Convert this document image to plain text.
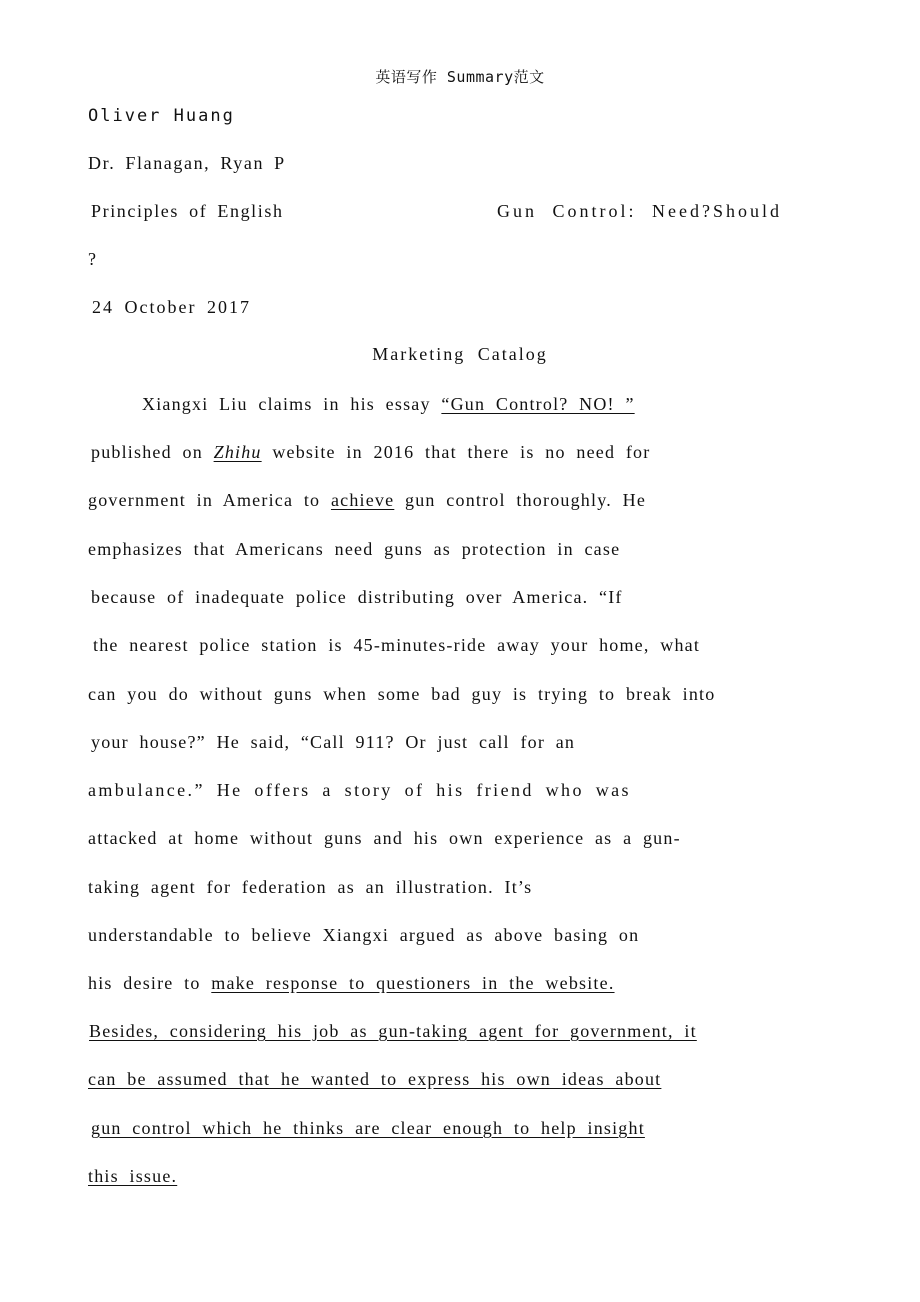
英语写作 Summary范文
Oliver Huang
Dr. Flanagan, Ryan P
Principles of English	Gun Control: Need?Should
?
24 October 2017
Marketing Catalog
Xiangxi Liu claims in his essay “Gun Control? NO! ”
published on Zhihu website in 2016 that there is no need for
government in America to achieve gun control thoroughly. He
emphasizes that Americans need guns as protection in case
because of inadequate police distributing over America. “If
the nearest police station is 45-minutes-ride away your home, what
can you do without guns when some bad guy is trying to break into
your house?” He said, “Call 911? Or just call for an
ambulance.” He offers a story of his friend who was
attacked at home without guns and his own experience as a gun-
taking agent for federation as an illustration. It’s
understandable to believe Xiangxi argued as above basing on
his desire to make response to questioners in the website.
Besides, considering his job as gun-taking agent for government, it
can be assumed that he wanted to express his own ideas about
gun control which he thinks are clear enough to help insight
this issue.
